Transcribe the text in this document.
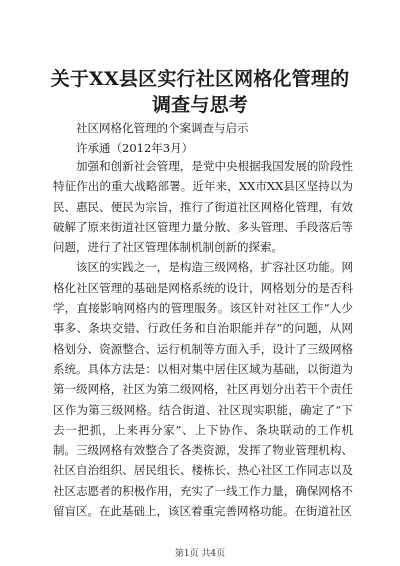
关于XX县区实行社区网格化管理的调查与思考
社区网格化管理的个案调查与启示
许承通（2012年3月）

加强和创新社会管理，是党中央根据我国发展的阶段性特征作出的重大战略部署。近年来，XX市XX县区坚持以为民、惠民、便民为宗旨，推行了街道社区网格化管理，有效破解了原来街道社区管理力量分散、多头管理、手段落后等问题，进行了社区管理体制机制创新的探索。

该区的实践之一，是构造三级网格，扩容社区功能。网格化社区管理的基础是网格系统的设计，网格划分的是否科学，直接影响网格内的管理服务。该区针对社区工作“人少事多、条块交错、行政任务和自治职能并存”的问题，从网格划分、资源整合、运行机制等方面入手，设计了三级网格系统。具体方法是：以相对集中居住区域为基础，以街道为第一级网格，社区为第二级网格，社区再划分出若干个责任区作为第三级网格。结合街道、社区现实职能，确定了“下去一把抓，上来再分家”、上下协作、条块联动的工作机制。三级网格有效整合了各类资源，发挥了物业管理机构、社区自治组织、居民组长、楼栋长、热心社区工作同志以及社区志愿者的积极作用，充实了一线工作力量，确保网格不留盲区。在此基础上，该区着重完善网格功能。在街道社区

第1页 共4页
